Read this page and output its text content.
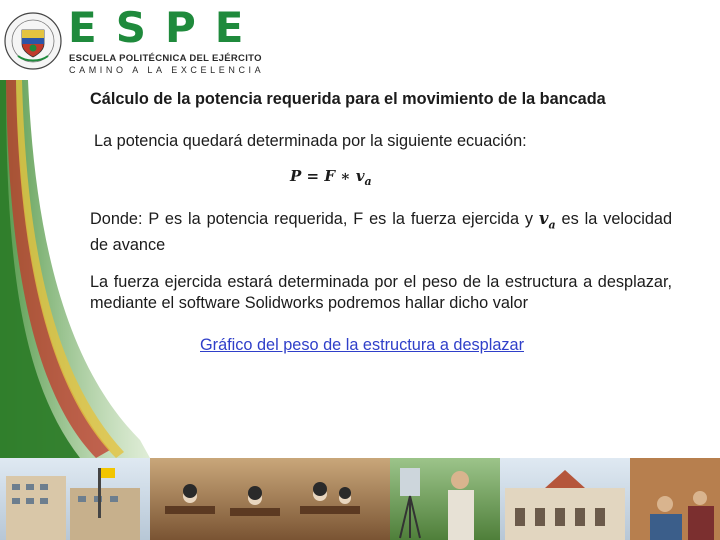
ESPE
ESCUELA POLITÉCNICA DEL EJÉRCITO
CAMINO A LA EXCELENCIA

Cálculo de la potencia requerida para el movimiento de la bancada

La potencia quedará determinada por la siguiente ecuación:

P = F ∗ $v_a$

Donde: P es la potencia requerida, F es la fuerza ejercida y $v_a$ es la velocidad de avance

La fuerza ejercida estará determinada por el peso de la estructura a desplazar, mediante el software Solidworks podremos hallar dicho valor

Gráfico del peso de la estructura a desplazar
